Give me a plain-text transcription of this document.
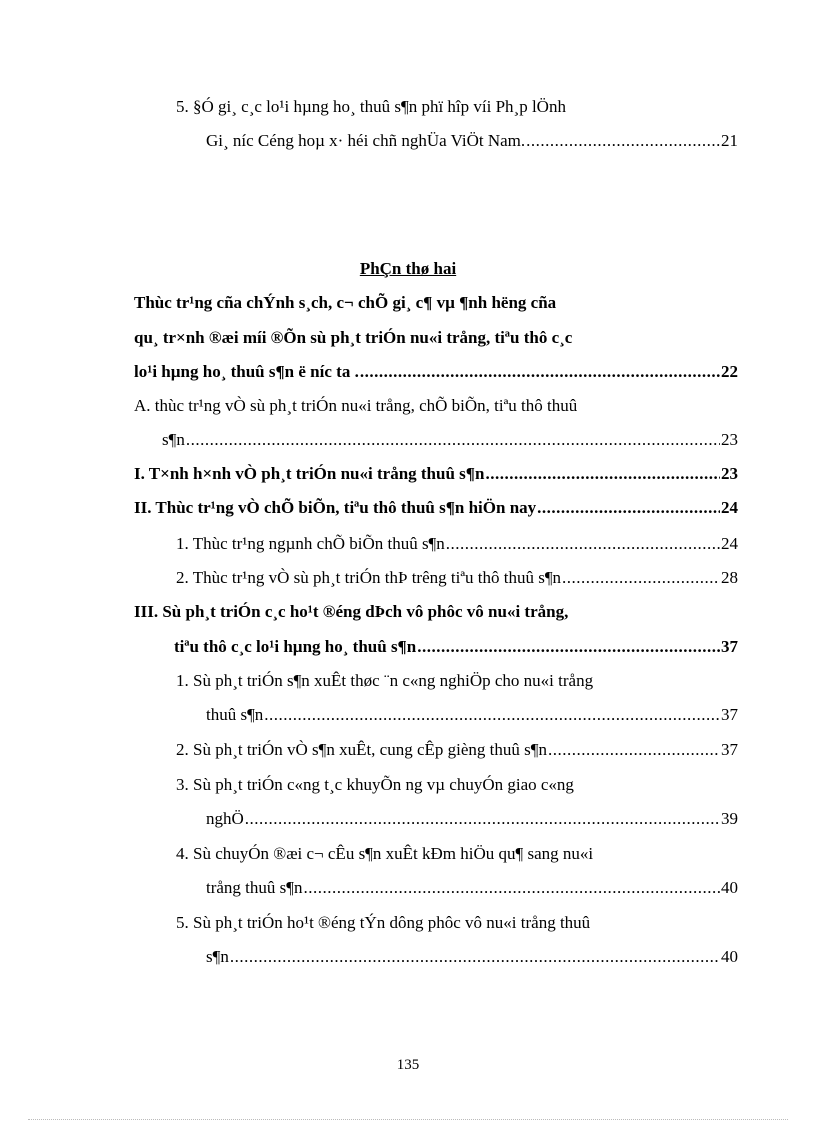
5. §Ó gi¸ c¸c lo¹i hµng ho¸ thuû s¶n phï hîp víi Ph¸p lÖnh
Gi¸ níc Céng hoµ x· héi chñ nghÜa ViÖt Nam. .....	21
PhÇn thø hai
Thùc tr¹ng cña chÝnh s¸ch, c¬ chÕ gi¸ c¶ vµ ¶nh hëng cña
qu¸ tr×nh ®æi míi ®Õn sù ph¸t triÓn nu«i trång, tiªu thô c¸c
lo¹i hµng ho¸ thuû s¶n ë níc ta . .....	22
A. thùc tr¹ng vÒ sù ph¸t triÓn nu«i trång, chÕ biÕn, tiªu thô thuû
s¶n .....	23
I. T×nh h×nh vÒ ph¸t triÓn nu«i trång thuû s¶n .....	23
II. Thùc tr¹ng vÒ chÕ biÕn, tiªu thô thuû s¶n hiÖn nay .....	24
1. Thùc tr¹ng ngµnh chÕ biÕn thuû s¶n .....	24
2. Thùc tr¹ng vÒ sù ph¸t triÓn thÞ trêng tiªu thô thuû s¶n .....	28
III. Sù ph¸t triÓn c¸c ho¹t ®éng dÞch vô phôc vô nu«i trång,
tiªu thô c¸c lo¹i hµng ho¸ thuû s¶n .....	37
1. Sù ph¸t triÓn s¶n xuÊt thøc ¨n c«ng nghiÖp cho nu«i trång
thuû s¶n .....	37
2. Sù ph¸t triÓn vÒ s¶n xuÊt, cung cÊp gièng thuû s¶n .....	37
3. Sù ph¸t triÓn c«ng t¸c khuyÕn ng vµ chuyÓn giao c«ng
nghÖ .....	39
4. Sù chuyÓn ®æi c¬ cÊu s¶n xuÊt kÐm hiÖu qu¶ sang nu«i
trång thuû s¶n .....	40
5. Sù ph¸t triÓn ho¹t ®éng tÝn dông phôc vô nu«i trång thuû
s¶n .....	40
135
